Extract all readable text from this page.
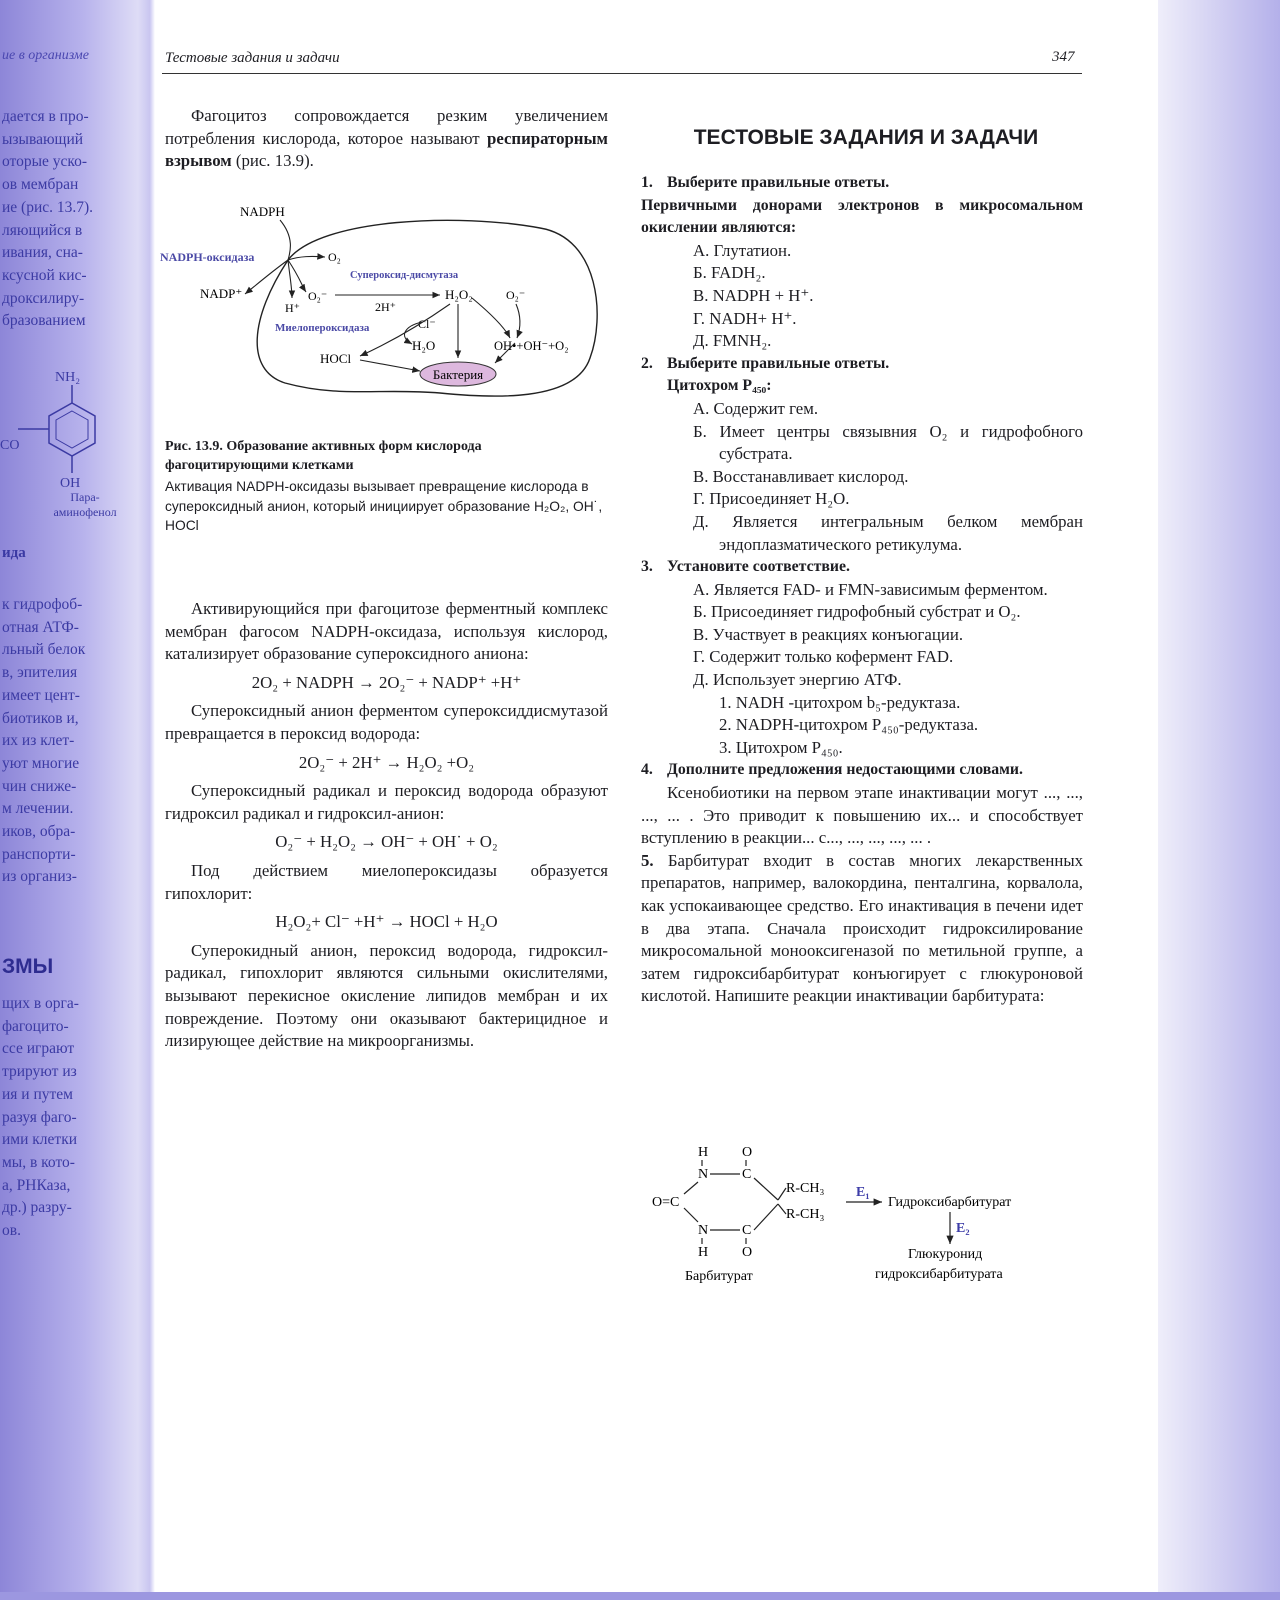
ие в организме
дается в про-
ызывающий
оторые уско-
ов мембран
ие (рис. 13.7).
ляющийся в
ивания, сна-
ксусной кис-
дроксилиру-
бразованием
NH₂
CO
OH
Пара-аминофенол
ида
к гидрофоб-
отная АТФ-
льный белок
в, эпителия
имеет цент-
биотиков и,
их из клет-
уют многие
чин сниже-
м лечении.
иков, обра-
ранспорти-
из организ-
ЗМЫ
щих в орга-
фагоцито-
ссе играют
трируют из
ия и путем
разуя фаго-
ими клетки
мы, в кото-
а, РНКаза,
др.) разру-
ов.
Тестовые задания и задачи	347

Фагоцитоз сопровождается резким увеличением потребления кислорода, которое называют респираторным взрывом (рис. 13.9).

Бактерия
NADPH
NADPH-оксидаза	O₂
NADP⁺
H⁺
O₂⁻
Супероксид-дисмутаза
2H⁺
H₂O₂	O₂⁻
Миелопероксидаза	Cl⁻
H₂O
HOCl
OH•+OH⁻+O₂
Рис. 13.9. Образование активных форм кислорода фагоцитирующими клетками
Активация NADPH-оксидазы вызывает превращение кислорода в супероксидный анион, который инициирует образование H₂O₂, OH˙, HOCl

Активирующийся при фагоцитозе ферментный комплекс мембран фагосом NADPH-оксидаза, используя кислород, катализирует образование супероксидного аниона:

2O₂ + NADPH → 2O₂⁻ + NADP⁺ +H⁺

Супероксидный анион ферментом супероксиддисмутазой превращается в пероксид водорода:

2O₂⁻ + 2H⁺ → H₂O₂ +O₂

Супероксидный радикал и пероксид водорода образуют гидроксил радикал и гидроксил-анион:

O₂⁻ + H₂O₂ → OH⁻ + OH˙ + O₂

Под действием миелопероксидазы образуется гипохлорит:

H₂O₂+ Cl⁻ +H⁺ → HOCl + H₂O

Суперокидный анион, пероксид водорода, гидроксил-радикал, гипохлорит являются сильными окислителями, вызывают перекисное окисление липидов мембран и их повреждение. Поэтому они оказывают бактерицидное и лизирующее действие на микроорганизмы.

ТЕСТОВЫЕ ЗАДАНИЯ И ЗАДАЧИ

1. Выберите правильные ответы.

Первичными донорами электронов в микросомальном окислении являются:

А. Глутатион.

Б. FADH₂.

В. NADPH + H⁺.

Г. NADH+ H⁺.

Д. FMNH₂.

2. Выберите правильные ответы.

Цитохром P₄₅₀:

А. Содержит гем.

Б. Имеет центры связывния O₂ и гидрофобного субстрата.

В. Восстанавливает кислород.

Г. Присоединяет H₂O.

Д. Является интегральным белком мембран эндоплазматического ретикулума.

3. Установите соответствие.

А. Является FAD- и FMN-зависимым ферментом.

Б. Присоединяет гидрофобный субстрат и O₂.

В. Участвует в реакциях конъюгации.

Г. Содержит только кофермент FAD.

Д. Использует энергию АТФ.

1. NADH -цитохром b₅-редуктаза.

2. NADPH-цитохром P₄₅₀-редуктаза.

3. Цитохром P₄₅₀.

4. Дополните предложения недостающими словами.

Ксенобиотики на первом этапе инактивации могут ..., ..., ..., ... . Это приводит к повышению их... и способствует вступлению в реакции... с..., ..., ..., ..., ... .

5. Барбитурат входит в состав многих лекарственных препаратов, например, валокордина, пенталгина, корвалола, как успокаивающее средство. Его инактивация в печени идет в два этапа. Сначала происходит гидроксилирование микросомальной монооксигеназой по метильной группе, а затем гидроксибарбитурат конъюгирует с глюкуроновой кислотой. Напишите реакции инактивации барбитурата:

H O
N C
O=C
R-CH₃
R-CH₃
N C
H O
Барбитурат
E₁
Гидроксибарбитурат
E₂
Глюкуронид
гидроксибарбитурата
